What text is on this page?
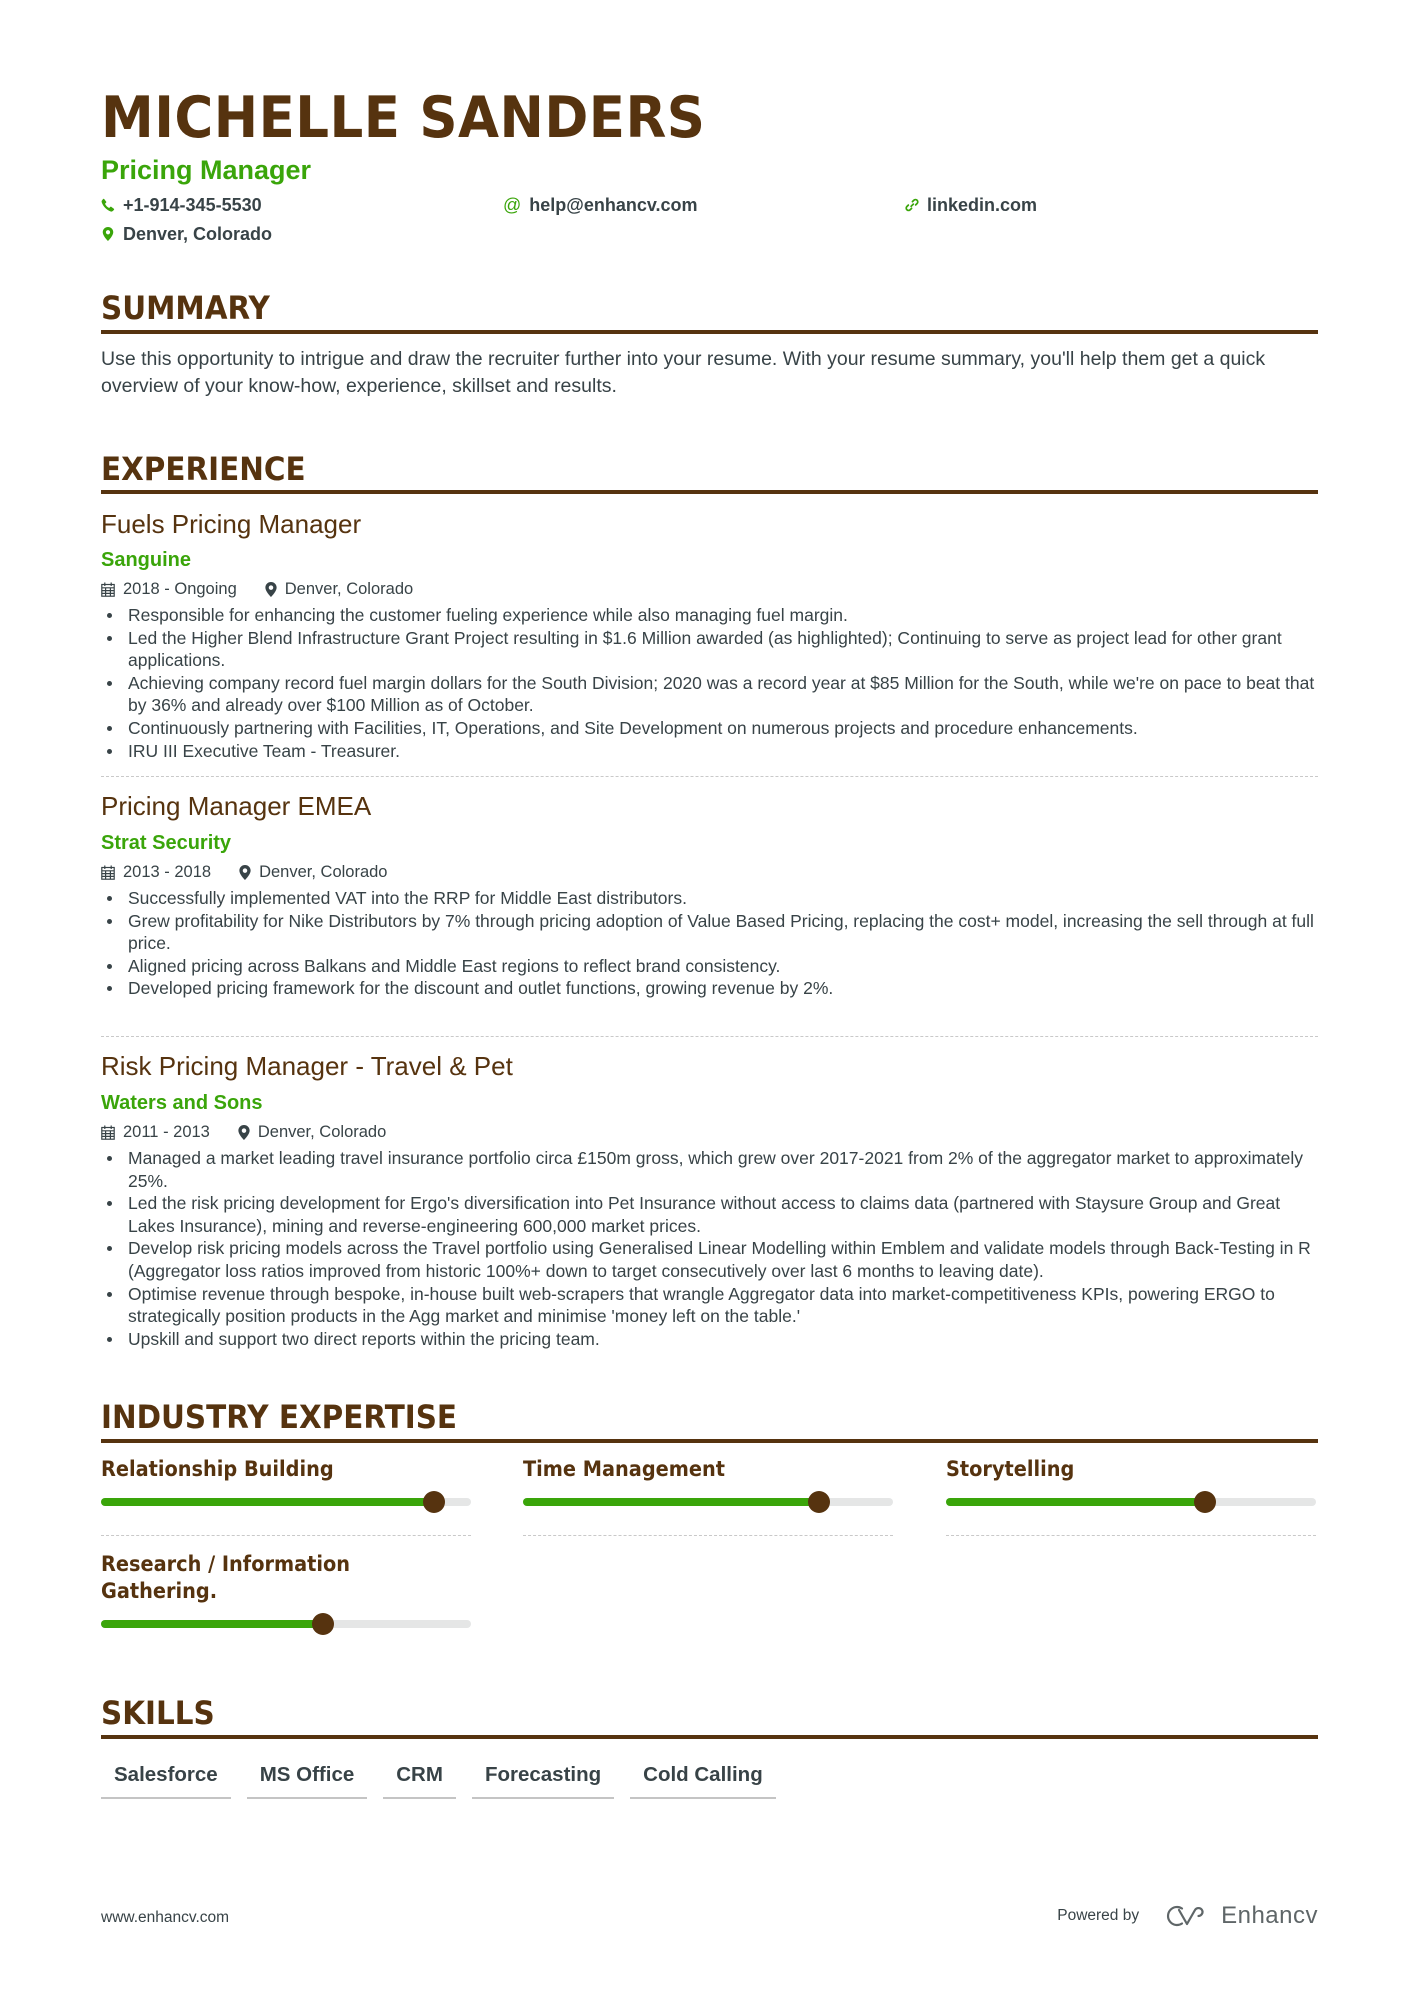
MICHELLE SANDERS
Pricing Manager
+1-914-345-5530	@ help@enhancv.com	linkedin.com
Denver, Colorado
SUMMARY
Use this opportunity to intrigue and draw the recruiter further into your resume. With your resume summary, you'll help them get a quick overview of your know-how, experience, skillset and results.
EXPERIENCE
Fuels Pricing Manager
Sanguine
2018 - Ongoing	Denver, Colorado
Responsible for enhancing the customer fueling experience while also managing fuel margin.
Led the Higher Blend Infrastructure Grant Project resulting in $1.6 Million awarded (as highlighted); Continuing to serve as project lead for other grant applications.
Achieving company record fuel margin dollars for the South Division; 2020 was a record year at $85 Million for the South, while we're on pace to beat that by 36% and already over $100 Million as of October.
Continuously partnering with Facilities, IT, Operations, and Site Development on numerous projects and procedure enhancements.
IRU III Executive Team - Treasurer.
Pricing Manager EMEA
Strat Security
2013 - 2018	Denver, Colorado
Successfully implemented VAT into the RRP for Middle East distributors.
Grew profitability for Nike Distributors by 7% through pricing adoption of Value Based Pricing, replacing the cost+ model, increasing the sell through at full price.
Aligned pricing across Balkans and Middle East regions to reflect brand consistency.
Developed pricing framework for the discount and outlet functions, growing revenue by 2%.
Risk Pricing Manager - Travel & Pet
Waters and Sons
2011 - 2013	Denver, Colorado
Managed a market leading travel insurance portfolio circa £150m gross, which grew over 2017-2021 from 2% of the aggregator market to approximately 25%.
Led the risk pricing development for Ergo's diversification into Pet Insurance without access to claims data (partnered with Staysure Group and Great Lakes Insurance), mining and reverse-engineering 600,000 market prices.
Develop risk pricing models across the Travel portfolio using Generalised Linear Modelling within Emblem and validate models through Back-Testing in R (Aggregator loss ratios improved from historic 100%+ down to target consecutively over last 6 months to leaving date).
Optimise revenue through bespoke, in-house built web-scrapers that wrangle Aggregator data into market-competitiveness KPIs, powering ERGO to strategically position products in the Agg market and minimise 'money left on the table.'
Upskill and support two direct reports within the pricing team.
INDUSTRY EXPERTISE
Relationship Building	Time Management	Storytelling
Research / Information
Gathering.
SKILLS
Salesforce	MS Office	CRM	Forecasting	Cold Calling
www.enhancv.com	Powered by	Enhancv
